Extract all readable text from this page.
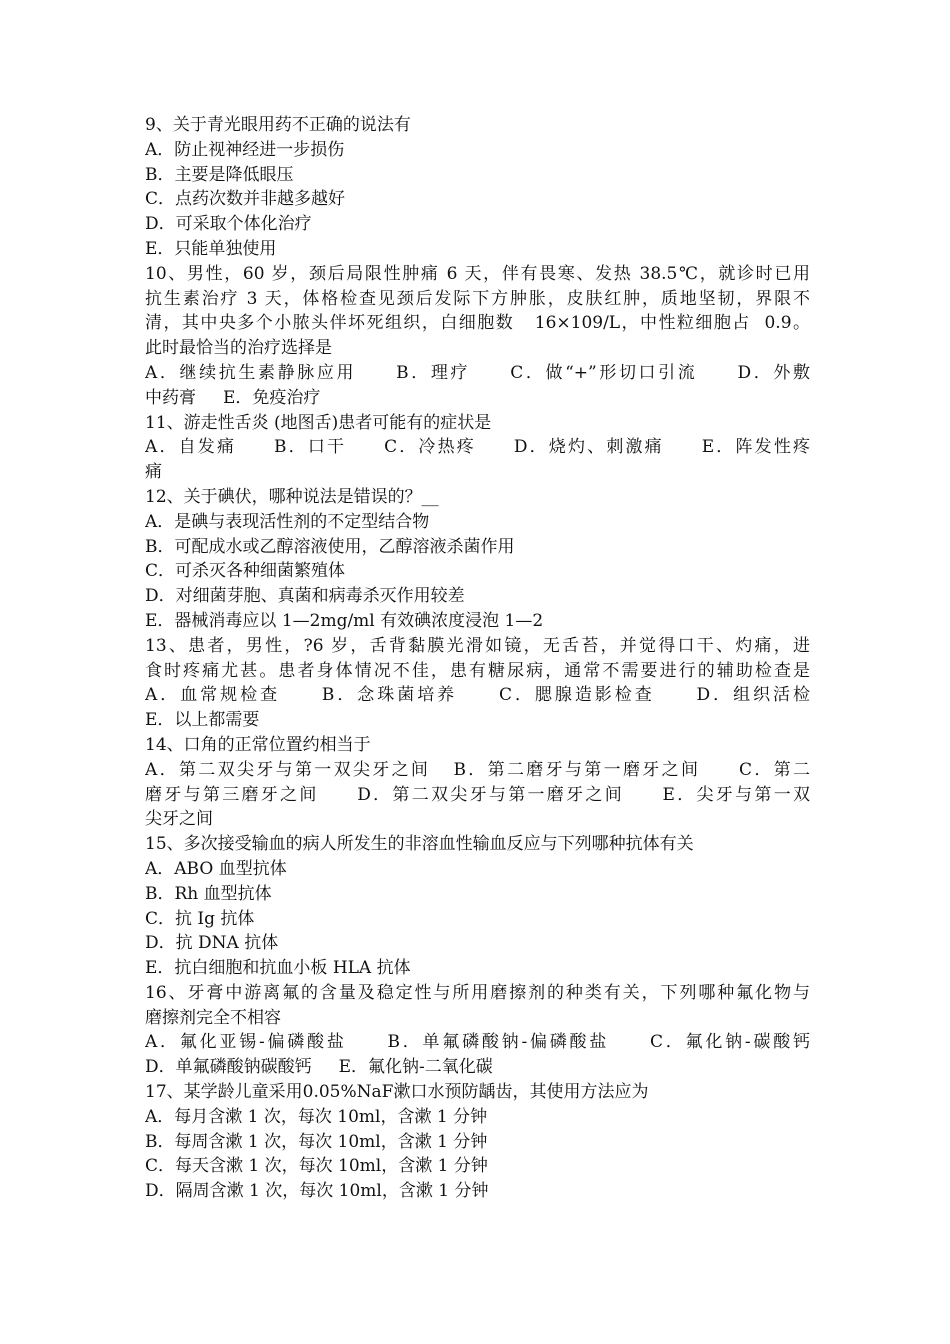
9、关于青光眼用药不正确的说法有
A．防止视神经进一步损伤
B．主要是降低眼压
C．点药次数并非越多越好
D．可采取个体化治疗
E．只能单独使用
10、男性，60 岁，颈后局限性肿痛 6 天，伴有畏寒、发热 38.5℃，就诊时已用
抗生素治疗 3 天，体格检查见颈后发际下方肿胀，皮肤红肿，质地坚韧，界限不
清，其中央多个小脓头伴坏死组织，白细胞数   16×109/L，中性粒细胞占  0.9。
此时最恰当的治疗选择是
A．继续抗生素静脉应用     B．理疗     C．做“+”形切口引流     D．外敷
中药膏     E．免疫治疗
11、游走性舌炎 (地图舌)患者可能有的症状是
A．自发痛     B．口干     C．冷热疼     D．烧灼、刺激痛     E．阵发性疼
痛
12、关于碘伏，哪种说法是错误的？__
A．是碘与表现活性剂的不定型结合物
B．可配成水或乙醇溶液使用，乙醇溶液杀菌作用
C．可杀灭各种细菌繁殖体
D．对细菌芽胞、真菌和病毒杀灭作用较差
E．器械消毒应以 1—2mg/ml 有效碘浓度浸泡 1—2
13、患者，男性，?6 岁，舌背黏膜光滑如镜，无舌苔，并觉得口干、灼痛，进
食时疼痛尤甚。患者身体情况不佳，患有糖尿病，通常不需要进行的辅助检查是
A．血常规检查     B．念珠菌培养     C．腮腺造影检查     D．组织活检
E．以上都需要
14、口角的正常位置约相当于
A．第二双尖牙与第一双尖牙之间   B．第二磨牙与第一磨牙之间     C．第二
磨牙与第三磨牙之间     D．第二双尖牙与第一磨牙之间     E．尖牙与第一双
尖牙之间
15、多次接受输血的病人所发生的非溶血性输血反应与下列哪种抗体有关
A．ABO 血型抗体
B．Rh 血型抗体
C．抗 Ig 抗体
D．抗 DNA 抗体
E．抗白细胞和抗血小板 HLA 抗体
16、牙膏中游离氟的含量及稳定性与所用磨擦剂的种类有关，下列哪种氟化物与
磨擦剂完全不相容
A．氟化亚锡-偏磷酸盐     B．单氟磷酸钠-偏磷酸盐     C．氟化钠-碳酸钙
D．单氟磷酸钠碳酸钙     E．氟化钠-二氧化碳
17、某学龄儿童采用0.05%NaF漱口水预防龋齿，其使用方法应为
A．每月含漱 1 次，每次 10ml，含漱 1 分钟
B．每周含漱 1 次，每次 10ml，含漱 1 分钟
C．每天含漱 1 次，每次 10ml，含漱 1 分钟
D．隔周含漱 1 次，每次 10ml，含漱 1 分钟
